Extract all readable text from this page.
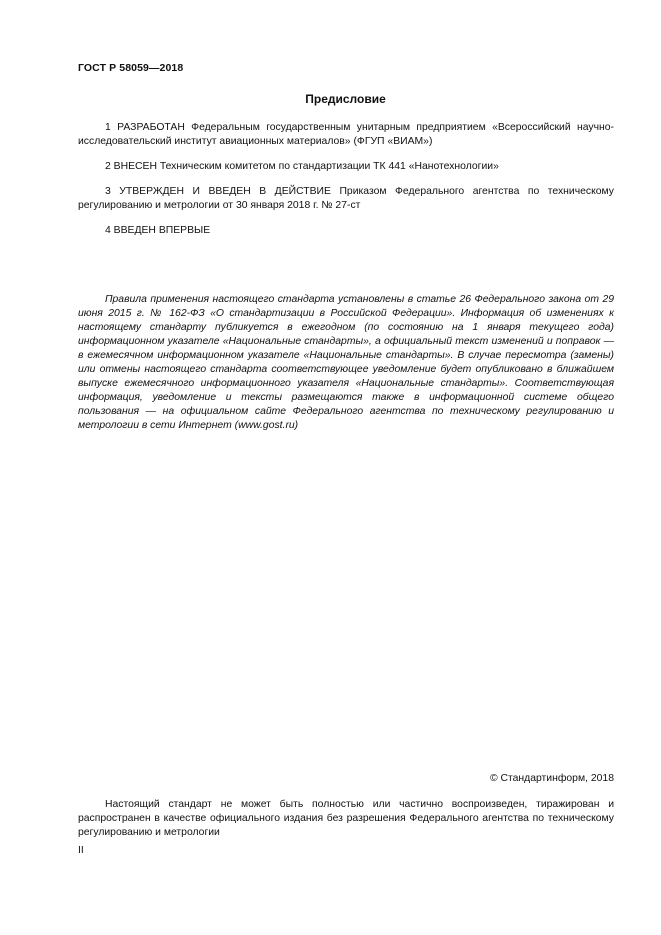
ГОСТ Р 58059—2018
Предисловие

1 РАЗРАБОТАН Федеральным государственным унитарным предприятием «Всероссийский научно-исследовательский институт авиационных материалов» (ФГУП «ВИАМ»)

2 ВНЕСЕН Техническим комитетом по стандартизации ТК 441 «Нанотехнологии»

3 УТВЕРЖДЕН И ВВЕДЕН В ДЕЙСТВИЕ Приказом Федерального агентства по техническому регулированию и метрологии от 30 января 2018 г. № 27-ст

4 ВВЕДЕН ВПЕРВЫЕ

Правила применения настоящего стандарта установлены в статье 26 Федерального закона от 29 июня 2015 г. № 162-ФЗ «О стандартизации в Российской Федерации». Информация об изменениях к настоящему стандарту публикуется в ежегодном (по состоянию на 1 января текущего года) информационном указателе «Национальные стандарты», а официальный текст изменений и поправок — в ежемесячном информационном указателе «Национальные стандарты». В случае пересмотра (замены) или отмены настоящего стандарта соответствующее уведомление будет опубликовано в ближайшем выпуске ежемесячного информационного указателя «Национальные стандарты». Соответствующая информация, уведомление и тексты размещаются также в информационной системе общего пользования — на официальном сайте Федерального агентства по техническому регулированию и метрологии в сети Интернет (www.gost.ru)

© Стандартинформ, 2018

Настоящий стандарт не может быть полностью или частично воспроизведен, тиражирован и распространен в качестве официального издания без разрешения Федерального агентства по техническому регулированию и метрологии

II
